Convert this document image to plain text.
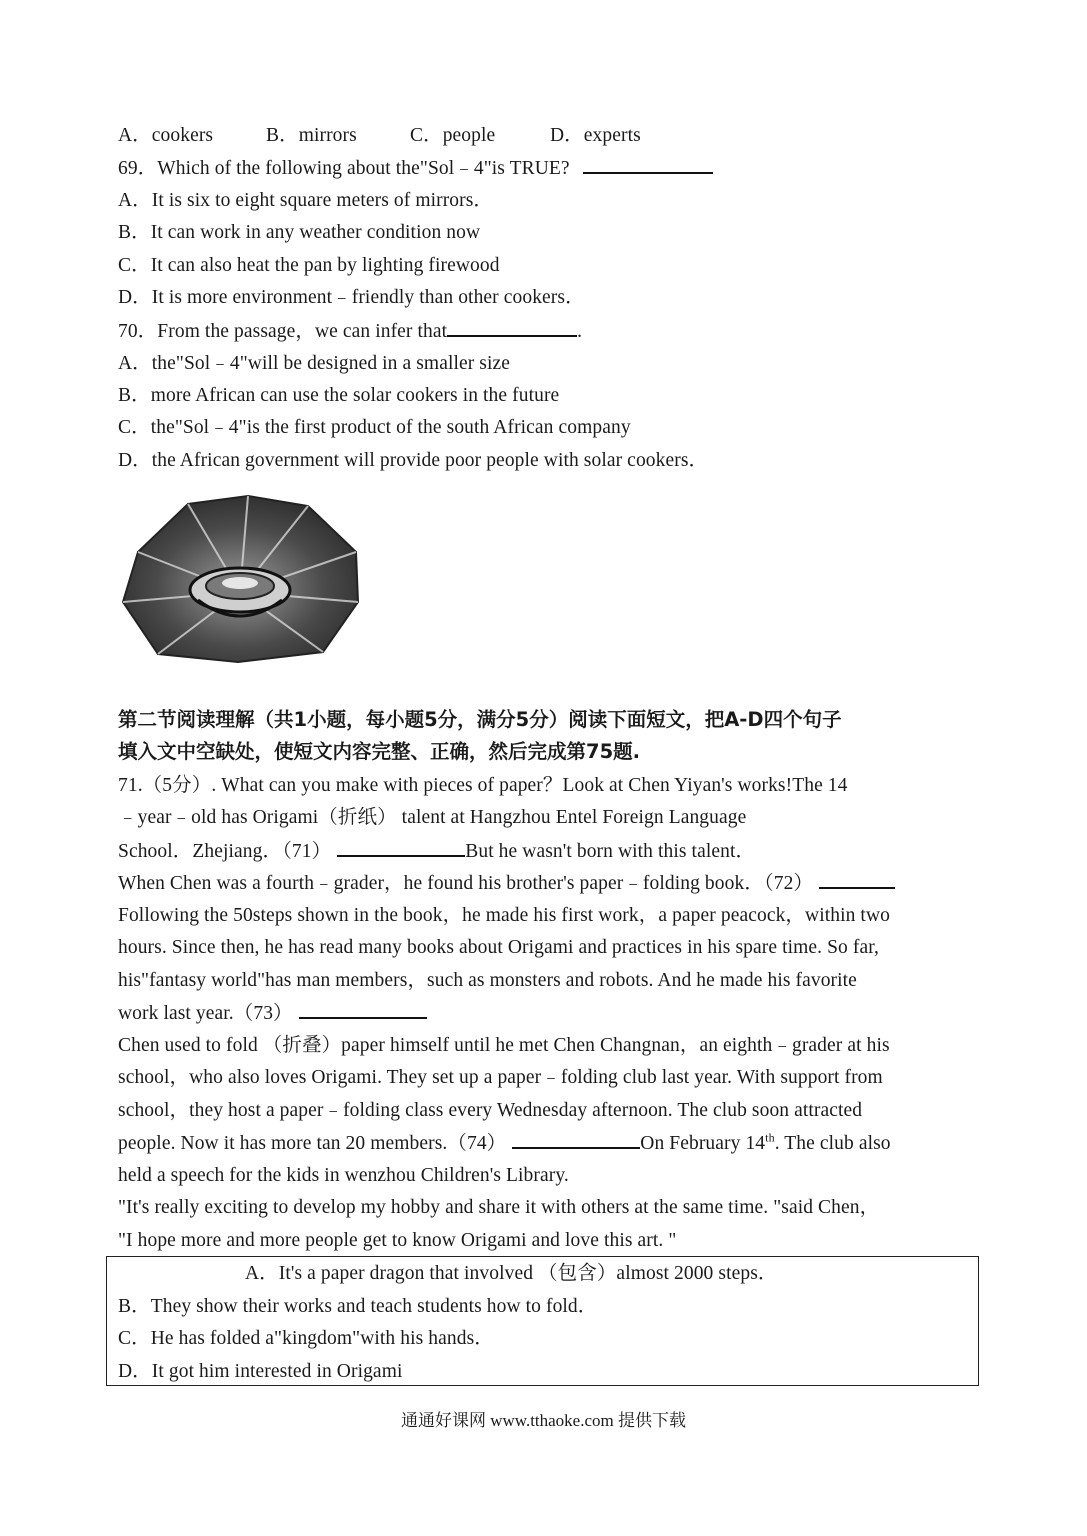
A．cookers	B．mirrors	C．people	D．experts
69．Which of the following about the"Sol﹣4"is TRUE?
A．It is six to eight square meters of mirrors．
B．It can work in any weather condition now
C．It can also heat the pan by lighting firewood
D．It is more environment﹣friendly than other cookers．
70．From the passage，we can infer that	.
A．the"Sol﹣4"will be designed in a smaller size
B．more African can use the solar cookers in the future
C．the"Sol﹣4"is the first product of the south African company
D．the African government will provide poor people with solar cookers．
第二节阅读理解（共1小题，每小题5分，满分5分）阅读下面短文，把A-D四个句子
填入文中空缺处，使短文内容完整、正确，然后完成第75题.
71.（5分）. What can you make with pieces of paper？Look at Chen Yiyan's works!The 14
﹣year﹣old has Origami（折纸） talent at Hangzhou Entel Foreign Language
School．Zhejiang．（71）	But he wasn't born with this talent．
When Chen was a fourth﹣grader，he found his brother's paper﹣folding book．（72）
Following the 50steps shown in the book，he made his first work，a paper peacock，within two
hours. Since then, he has read many books about Origami and practices in his spare time. So far,
his"fantasy world"has man members，such as monsters and robots. And he made his favorite
work last year.（73）
Chen used to fold （折叠）paper himself until he met Chen Changnan，an eighth﹣grader at his
school，who also loves Origami. They set up a paper﹣folding club last year. With support from
school，they host a paper﹣folding class every Wednesday afternoon. The club soon attracted
people. Now it has more tan 20 members.（74）	On February 14th. The club also
held a speech for the kids in wenzhou Children's Library.
"It's really exciting to develop my hobby and share it with others at the same time. "said Chen，
"I hope more and more people get to know Origami and love this art. "
A．It's a paper dragon that involved （包含）almost 2000 steps．
B．They show their works and teach students how to fold．
C．He has folded a"kingdom"with his hands．
D．It got him interested in Origami
通通好课网 www.tthaoke.com 提供下载
